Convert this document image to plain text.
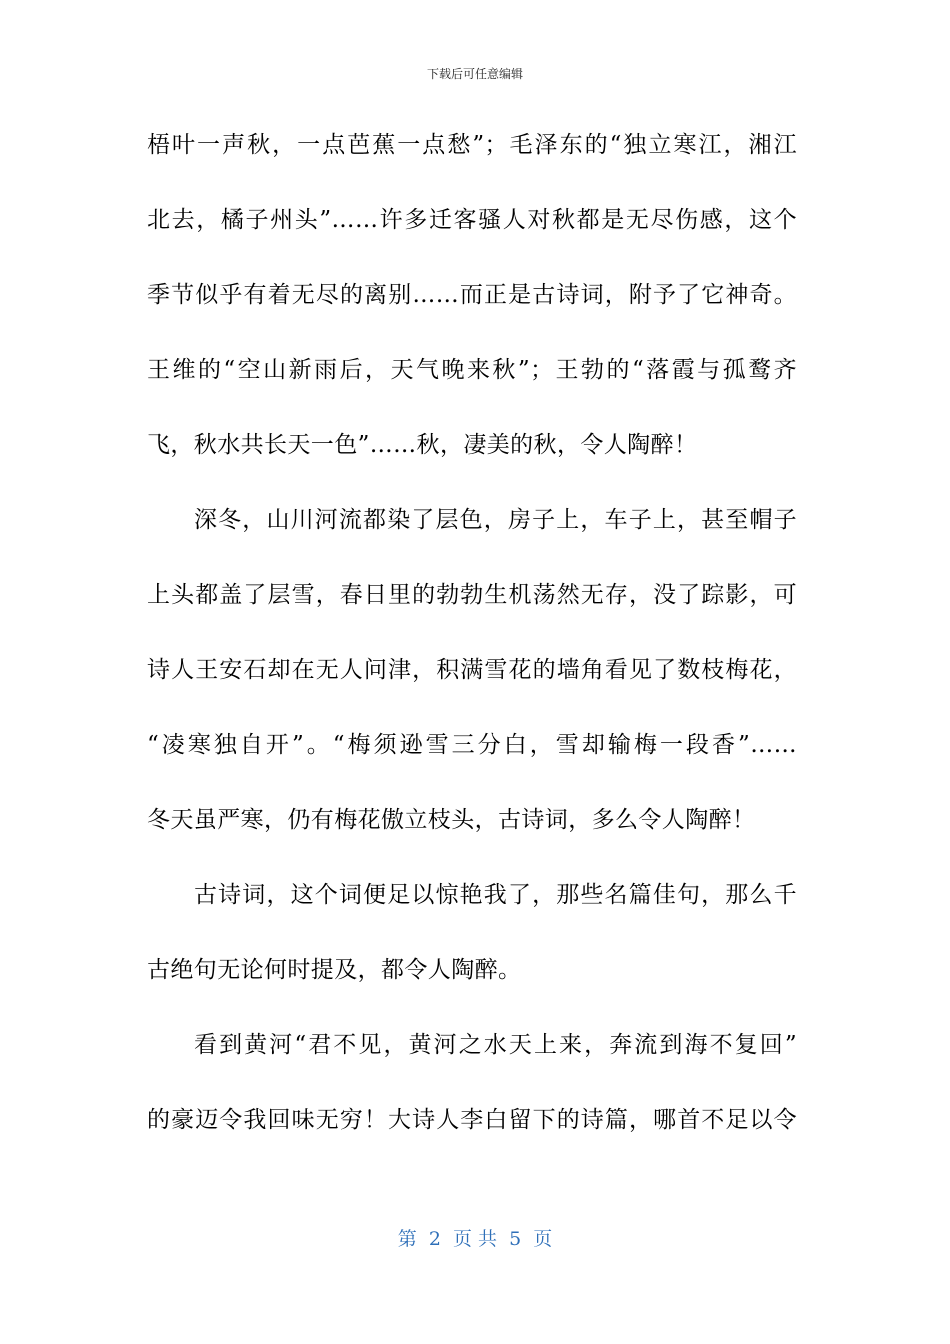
下载后可任意编辑
梧叶一声秋，一点芭蕉一点愁”；毛泽东的“独立寒江，湘江
北去，橘子州头”……许多迁客骚人对秋都是无尽伤感，这个
季节似乎有着无尽的离别……而正是古诗词，附予了它神奇。
王维的“空山新雨后，天气晚来秋”；王勃的“落霞与孤鹜齐
飞，秋水共长天一色”……秋，凄美的秋，令人陶醉！
深冬，山川河流都染了层色，房子上，车子上，甚至帽子
上头都盖了层雪，春日里的勃勃生机荡然无存，没了踪影，可
诗人王安石却在无人问津，积满雪花的墙角看见了数枝梅花，
“凌寒独自开”。“梅须逊雪三分白，雪却输梅一段香”……
冬天虽严寒，仍有梅花傲立枝头，古诗词，多么令人陶醉！
古诗词，这个词便足以惊艳我了，那些名篇佳句，那么千
古绝句无论何时提及，都令人陶醉。
看到黄河“君不见，黄河之水天上来，奔流到海不复回”
的豪迈令我回味无穷！大诗人李白留下的诗篇，哪首不足以令
第 2 页 共 5 页
